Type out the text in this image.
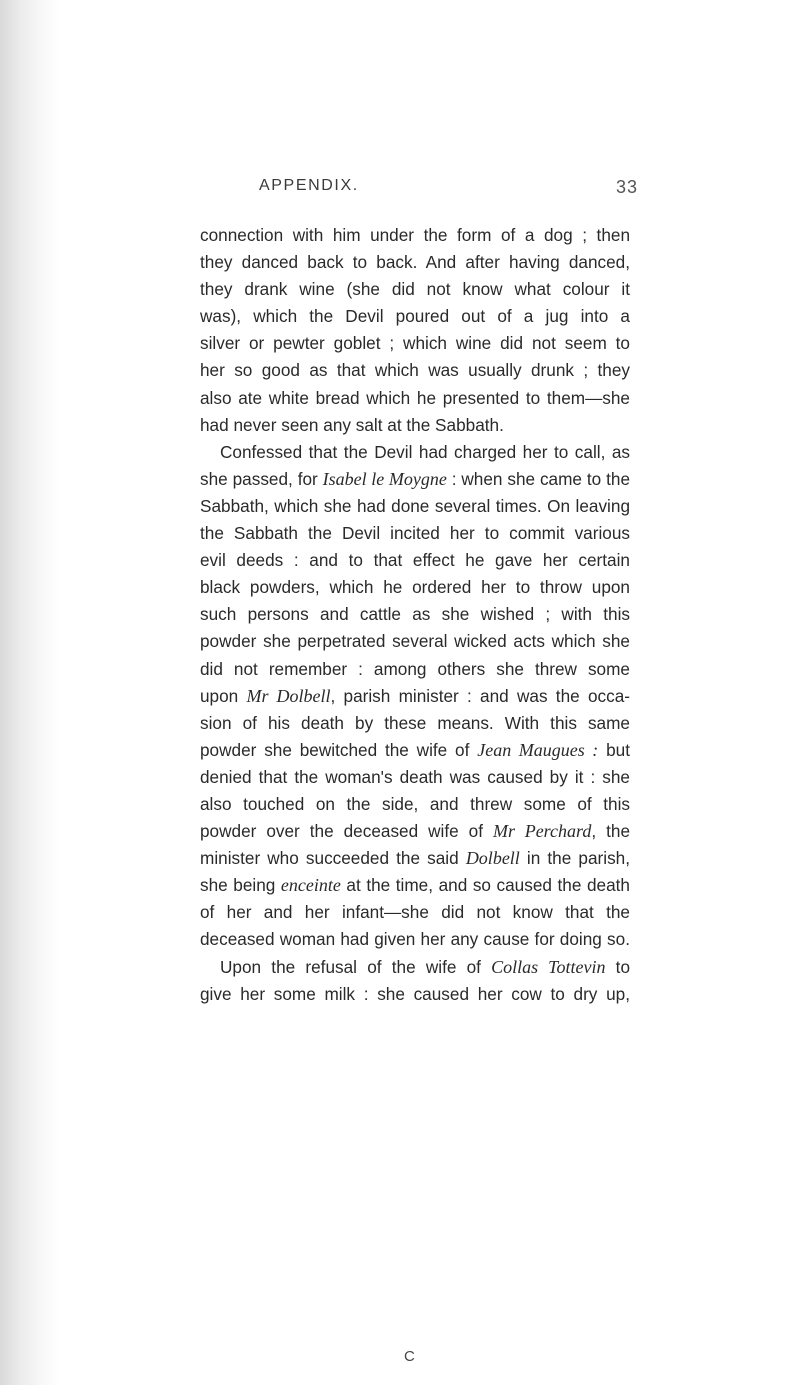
APPENDIX.	33
connection with him under the form of a dog ; then
they danced back to back. And after having danced,
they drank wine (she did not know what colour it
was), which the Devil poured out of a jug into a
silver or pewter goblet ; which wine did not seem to
her so good as that which was usually drunk ; they
also ate white bread which he presented to them—she
had never seen any salt at the Sabbath.
Confessed that the Devil had charged her to call, as
she passed, for Isabel le Moygne : when she came to the
Sabbath, which she had done several times. On leaving
the Sabbath the Devil incited her to commit various
evil deeds : and to that effect he gave her certain
black powders, which he ordered her to throw upon
such persons and cattle as she wished ; with this
powder she perpetrated several wicked acts which she
did not remember : among others she threw some
upon Mr Dolbell, parish minister : and was the occa-
sion of his death by these means. With this same
powder she bewitched the wife of Jean Maugues : but
denied that the woman's death was caused by it : she
also touched on the side, and threw some of this
powder over the deceased wife of Mr Perchard, the
minister who succeeded the said Dolbell in the parish,
she being enceinte at the time, and so caused the death
of her and her infant—she did not know that the
deceased woman had given her any cause for doing so.
Upon the refusal of the wife of Collas Tottevin to
give her some milk : she caused her cow to dry up,
C
